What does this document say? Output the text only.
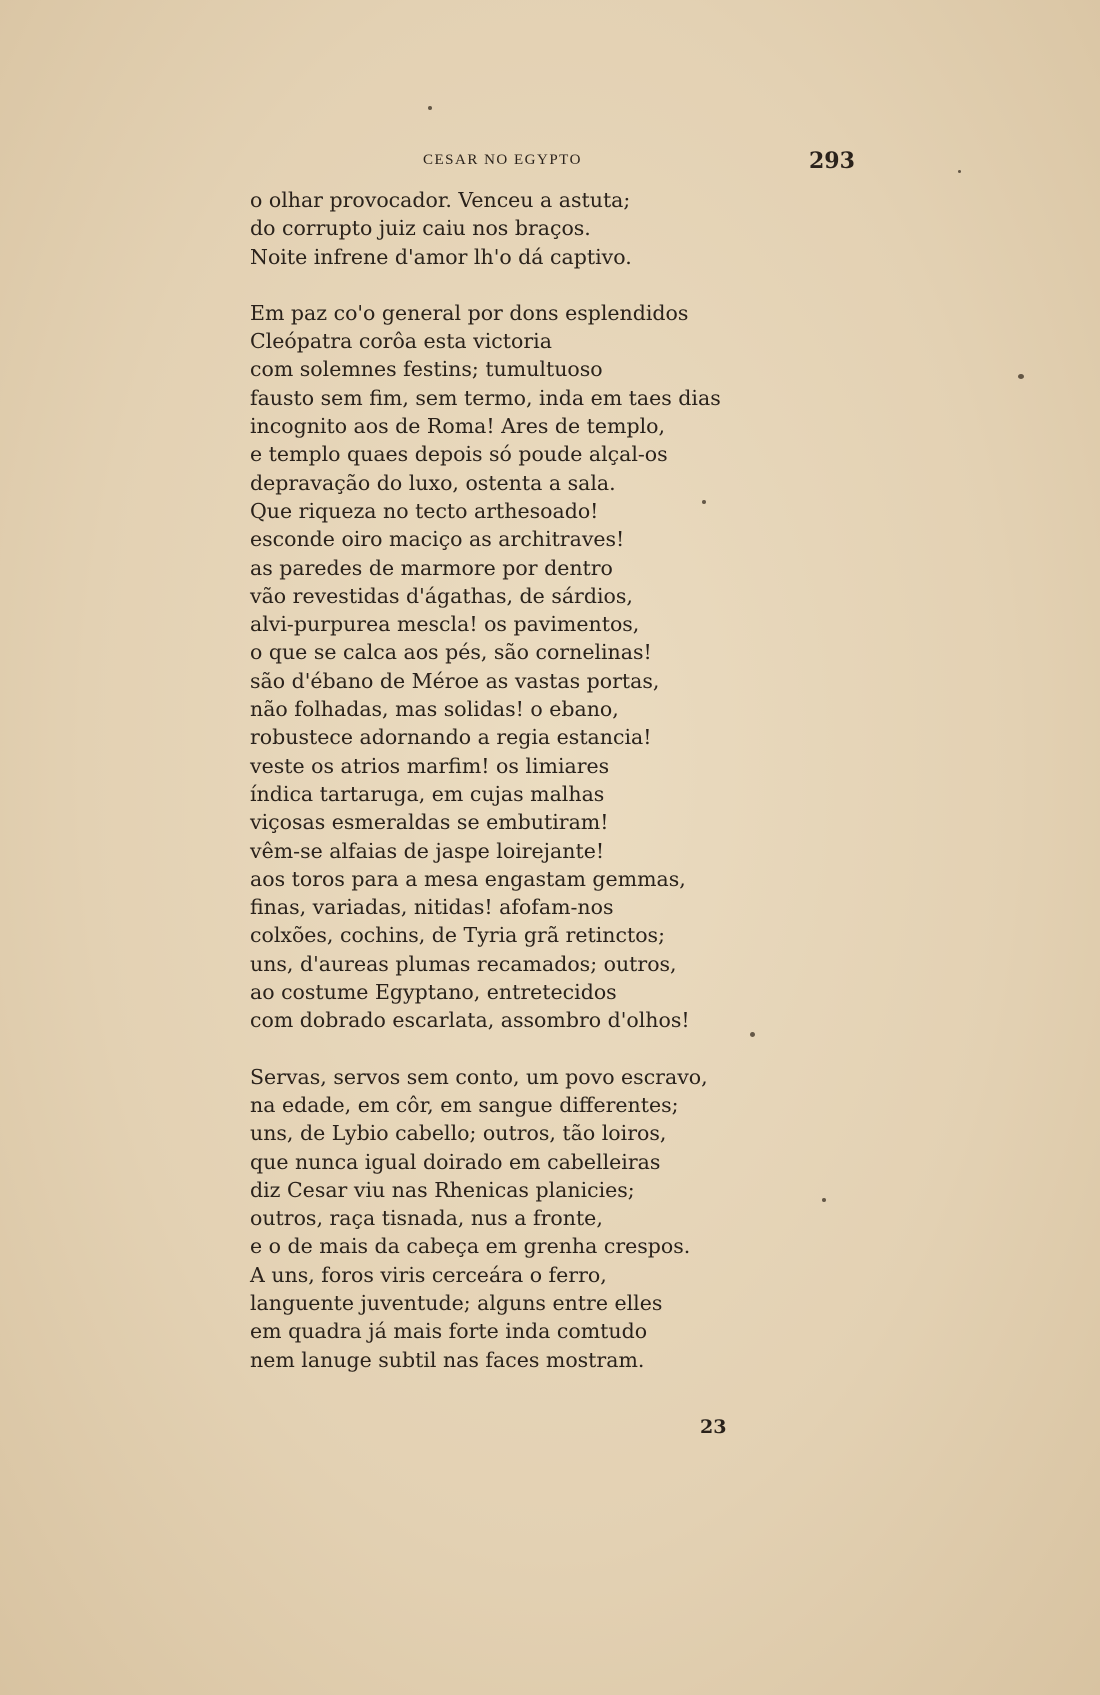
CESAR NO EGYPTO	293
o olhar provocador. Venceu a astuta;
do corrupto juiz caiu nos braços.
Noite infrene d'amor lh'o dá captivo.
Em paz co'o general por dons esplendidos
Cleópatra corôa esta victoria
com solemnes festins; tumultuoso
fausto sem fim, sem termo, inda em taes dias
incognito aos de Roma! Ares de templo,
e templo quaes depois só poude alçal-os
depravação do luxo, ostenta a sala.
Que riqueza no tecto arthesoado!
esconde oiro maciço as architraves!
as paredes de marmore por dentro
vão revestidas d'ágathas, de sárdios,
alvi-purpurea mescla! os pavimentos,
o que se calca aos pés, são cornelinas!
são d'ébano de Méroe as vastas portas,
não folhadas, mas solidas! o ebano,
robustece adornando a regia estancia!
veste os atrios marfim! os limiares
índica tartaruga, em cujas malhas
viçosas esmeraldas se embutiram!
vêm-se alfaias de jaspe loirejante!
aos toros para a mesa engastam gemmas,
finas, variadas, nitidas! afofam-nos
colxões, cochins, de Tyria grã retinctos;
uns, d'aureas plumas recamados; outros,
ao costume Egyptano, entretecidos
com dobrado escarlata, assombro d'olhos!
Servas, servos sem conto, um povo escravo,
na edade, em côr, em sangue differentes;
uns, de Lybio cabello; outros, tão loiros,
que nunca igual doirado em cabelleiras
diz Cesar viu nas Rhenicas planicies;
outros, raça tisnada, nus a fronte,
e o de mais da cabeça em grenha crespos.
A uns, foros viris cerceára o ferro,
languente juventude; alguns entre elles
em quadra já mais forte inda comtudo
nem lanuge subtil nas faces mostram.
23
